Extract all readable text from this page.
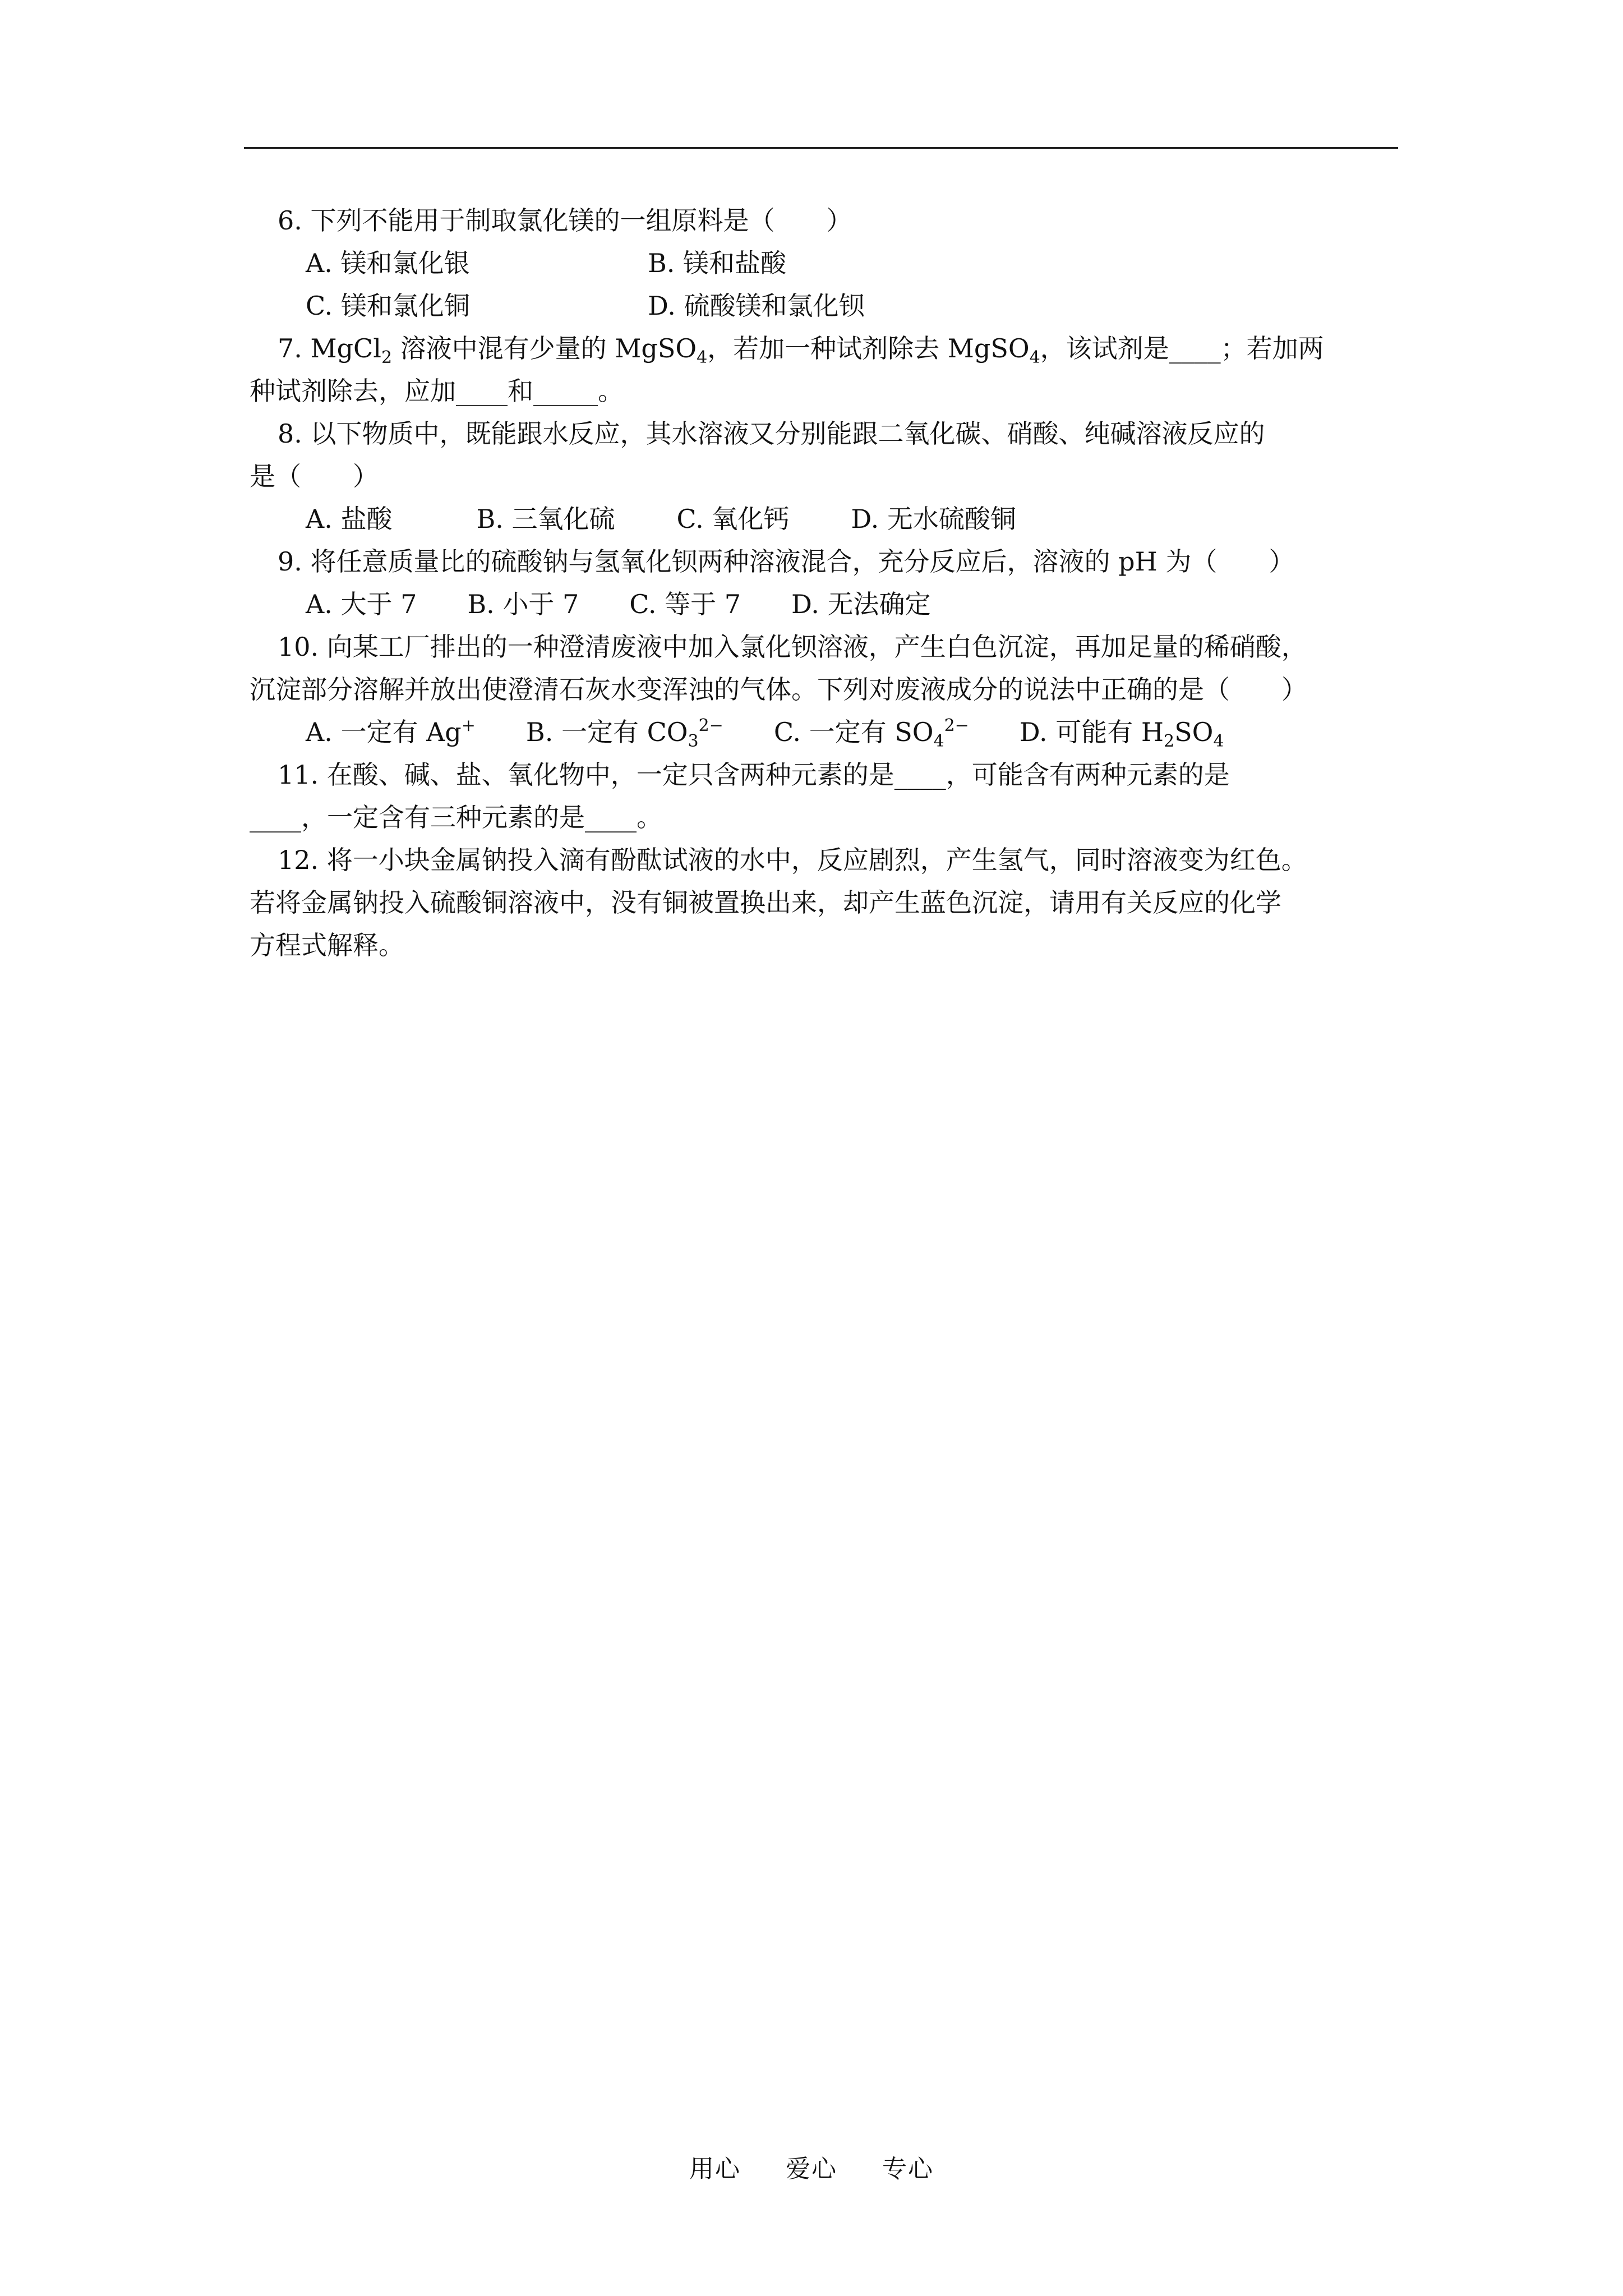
6. 下列不能用于制取氯化镁的一组原料是（　　）
A. 镁和氯化银	B. 镁和盐酸
C. 镁和氯化铜	D. 硫酸镁和氯化钡
7. MgCl$_2$ 溶液中混有少量的 MgSO$_4$，若加一种试剂除去 MgSO$_4$，该试剂是____；若加两
种试剂除去，应加____和_____。
8. 以下物质中，既能跟水反应，其水溶液又分别能跟二氧化碳、硝酸、纯碱溶液反应的
是（　　）
A. 盐酸	B. 三氧化硫 C. 氧化钙 D. 无水硫酸铜
9. 将任意质量比的硫酸钠与氢氧化钡两种溶液混合，充分反应后，溶液的 pH 为（　　）
A. 大于 7 B. 小于 7 C. 等于 7 D. 无法确定
10. 向某工厂排出的一种澄清废液中加入氯化钡溶液，产生白色沉淀，再加足量的稀硝酸，
沉淀部分溶解并放出使澄清石灰水变浑浊的气体。下列对废液成分的说法中正确的是（　　）
A. 一定有 Ag+ B. 一定有 $CO_3^{2-}$ C. 一定有 $SO_4^{2-}$ D. 可能有 $H_2SO_4$
11. 在酸、碱、盐、氧化物中，一定只含两种元素的是____，可能含有两种元素的是
____，一定含有三种元素的是____。
12. 将一小块金属钠投入滴有酚酞试液的水中，反应剧烈，产生氢气，同时溶液变为红色。
若将金属钠投入硫酸铜溶液中，没有铜被置换出来，却产生蓝色沉淀，请用有关反应的化学
方程式解释。
用心 爱心 专心
